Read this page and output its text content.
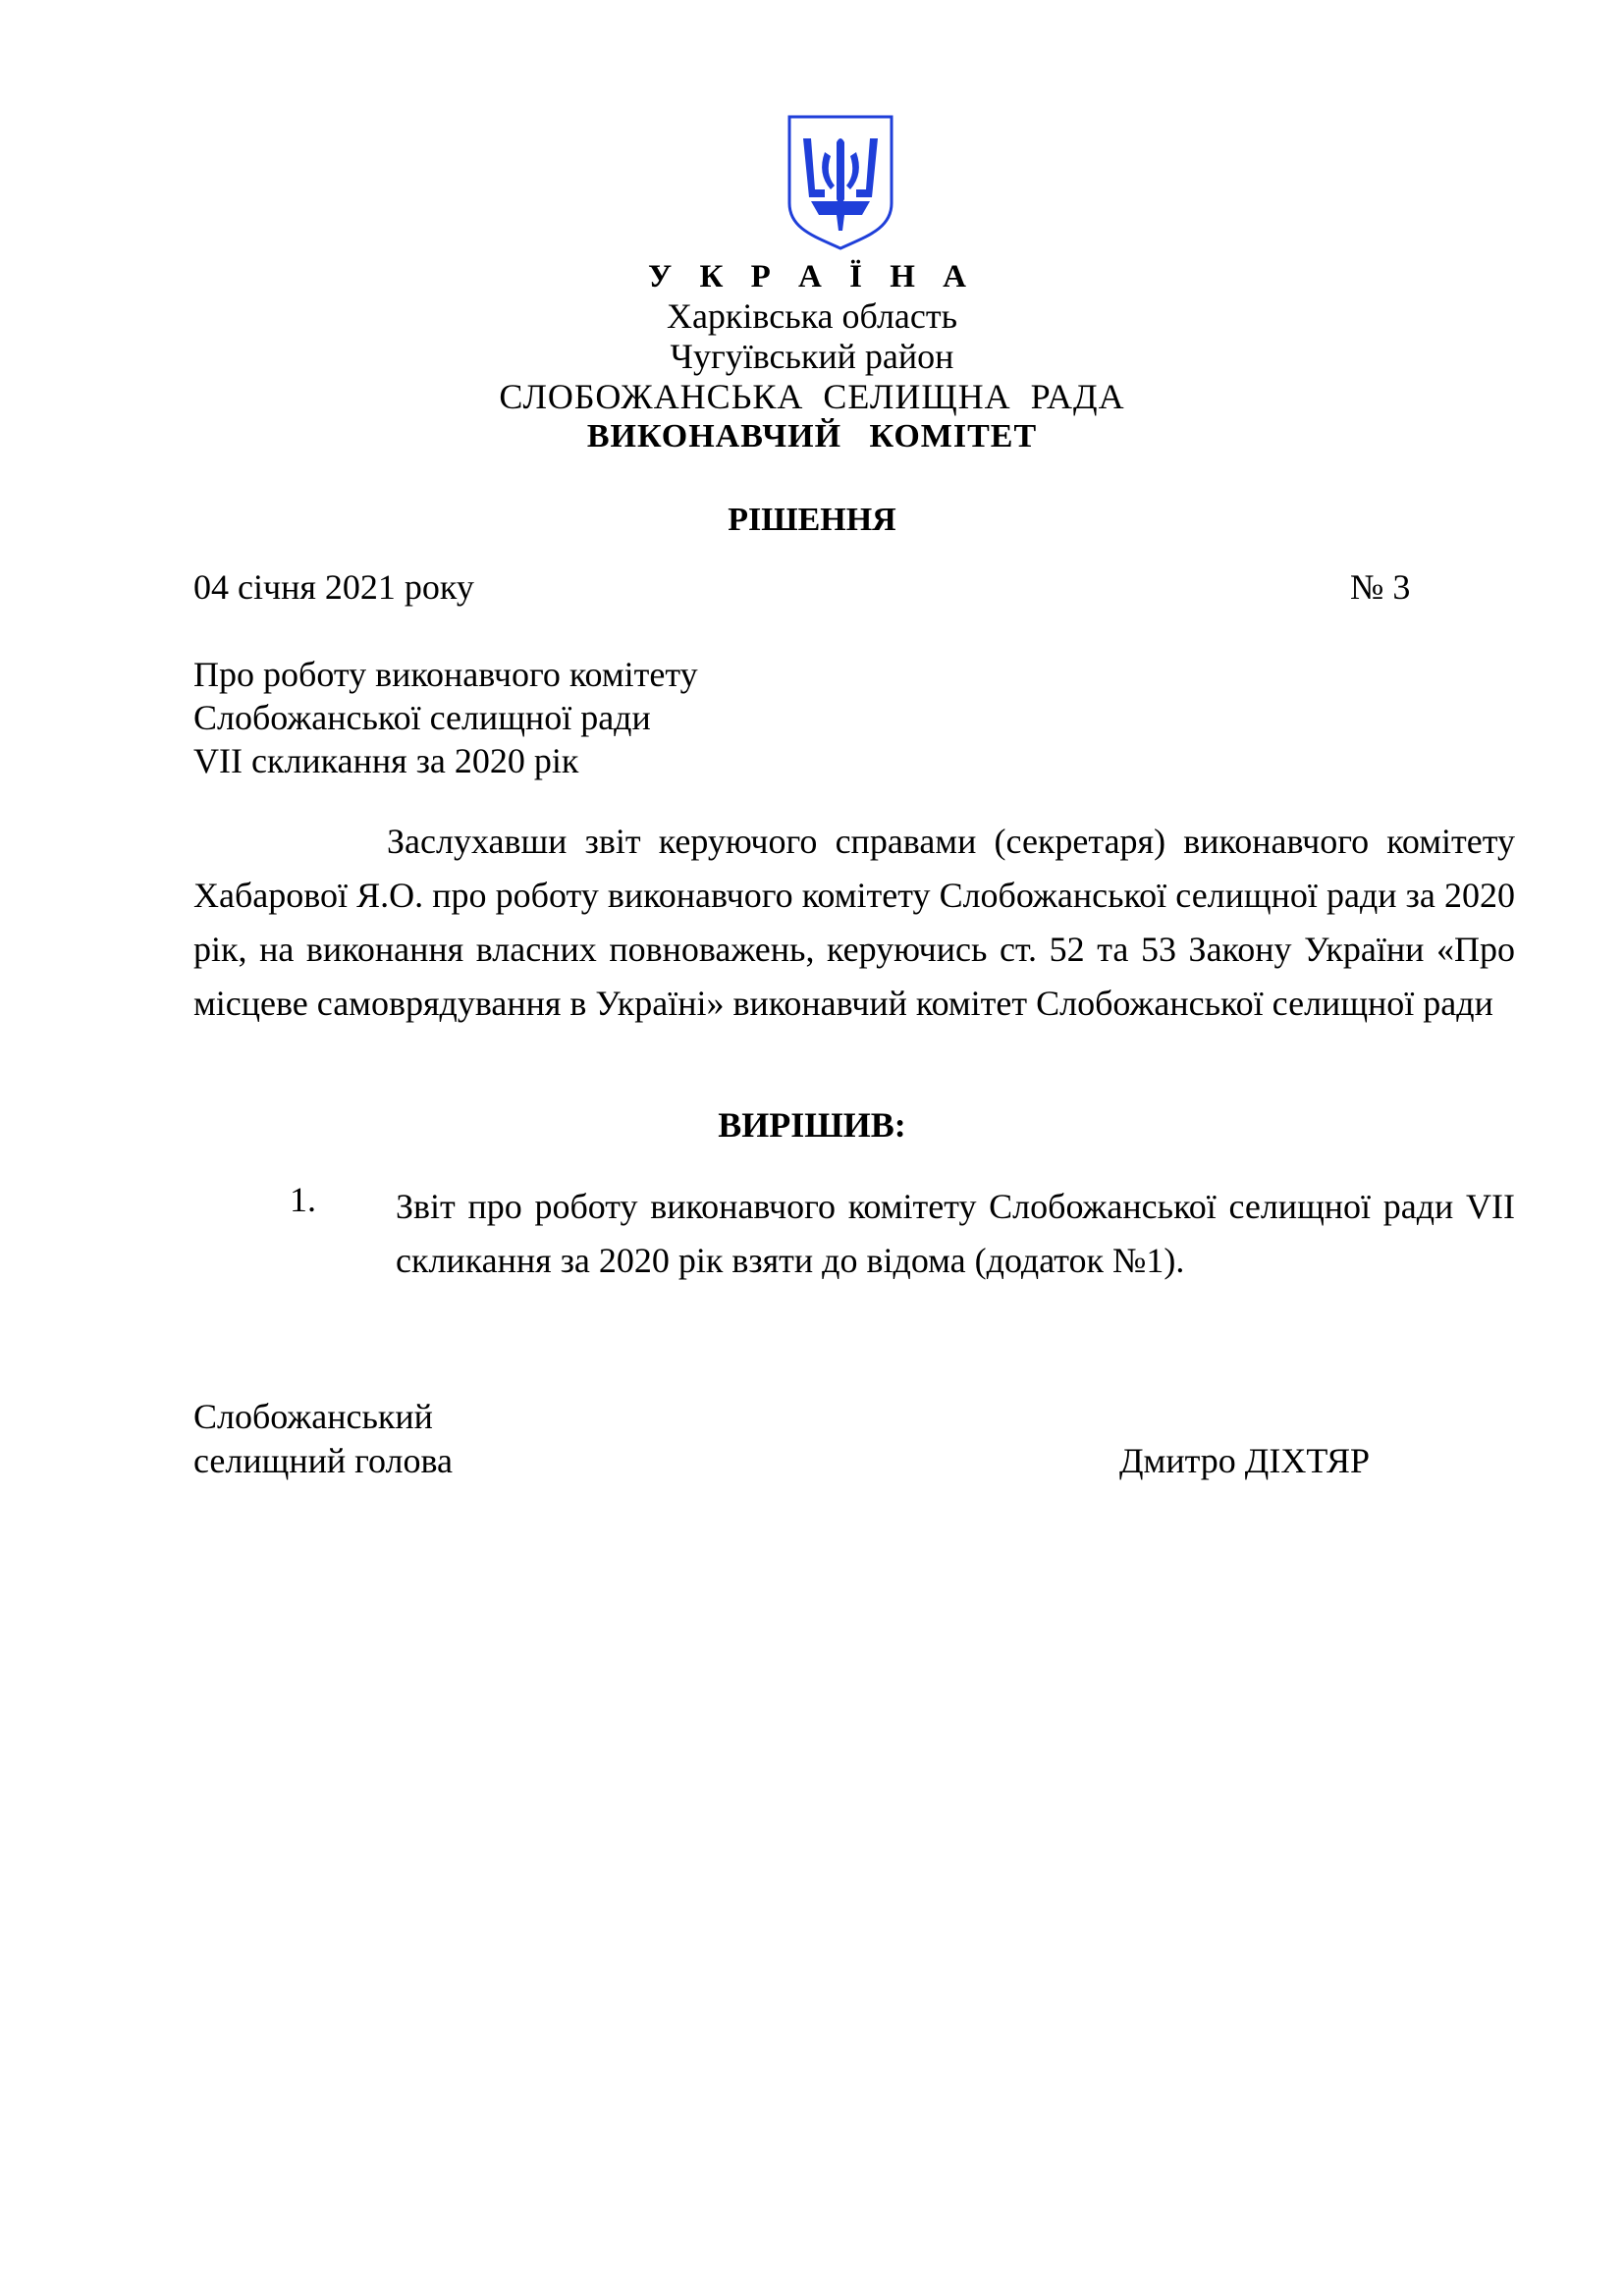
У К Р А Ї Н А
Харківська область
Чугуївський район
СЛОБОЖАНСЬКА  СЕЛИЩНА  РАДА
ВИКОНАВЧИЙ   КОМІТЕТ
РІШЕННЯ
04 січня 2021 року	№ 3
Про роботу виконавчого комітету
Слобожанської селищної ради
VII скликання за 2020 рік
Заслухавши звіт керуючого справами (секретаря) виконавчого комітету Хабарової Я.О. про роботу виконавчого комітету Слобожанської селищної ради за 2020 рік, на виконання власних повноважень, керуючись ст. 52 та 53 Закону України «Про місцеве самоврядування в Україні» виконавчий комітет Слобожанської селищної ради
ВИРІШИВ:
1. Звіт про роботу виконавчого комітету Слобожанської селищної ради VII скликання за 2020 рік взяти до відома (додаток №1).
Слобожанський
селищний голова	Дмитро ДІХТЯР
